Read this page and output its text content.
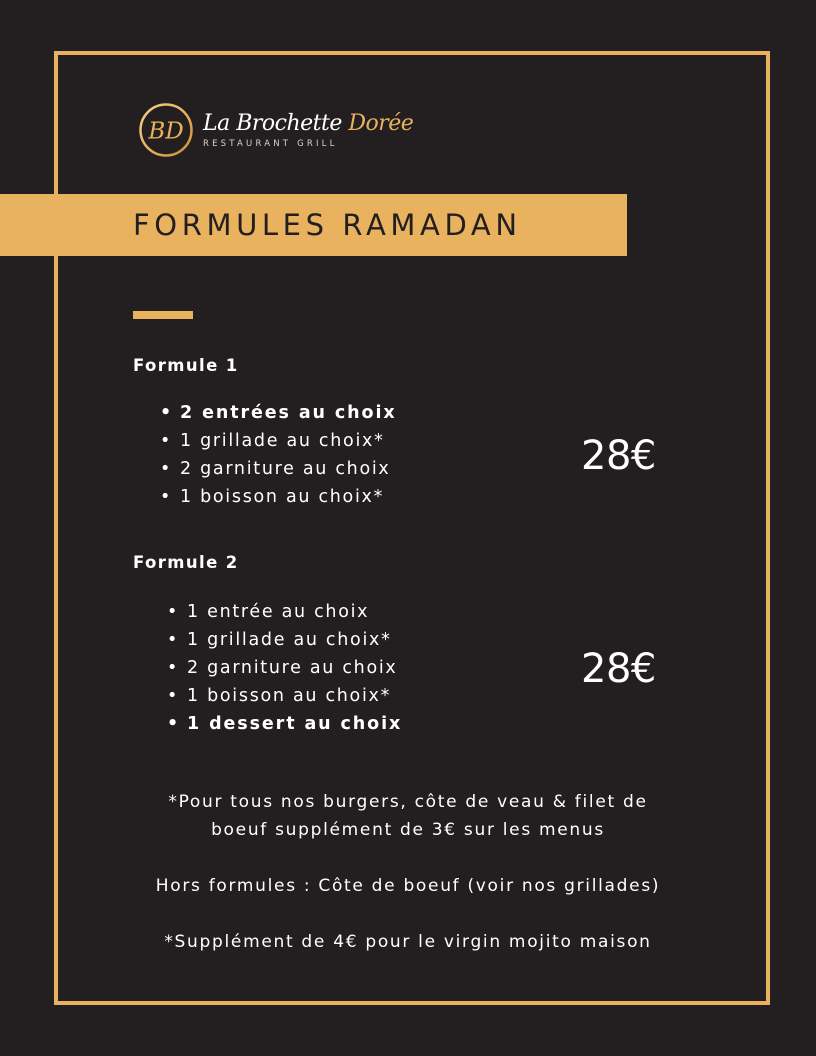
BD La Brochette Dorée
RESTAURANT GRILL
FORMULES RAMADAN
Formule 1
• 2 entrées au choix
• 1 grillade au choix*
• 2 garniture au choix
• 1 boisson au choix*
28€
Formule 2
• 1 entrée au choix
• 1 grillade au choix*
• 2 garniture au choix
• 1 boisson au choix*
• 1 dessert au choix
28€
*Pour tous nos burgers, côte de veau & filet de
boeuf supplément de 3€ sur les menus
Hors formules : Côte de boeuf (voir nos grillades)
*Supplément de 4€ pour le virgin mojito maison
